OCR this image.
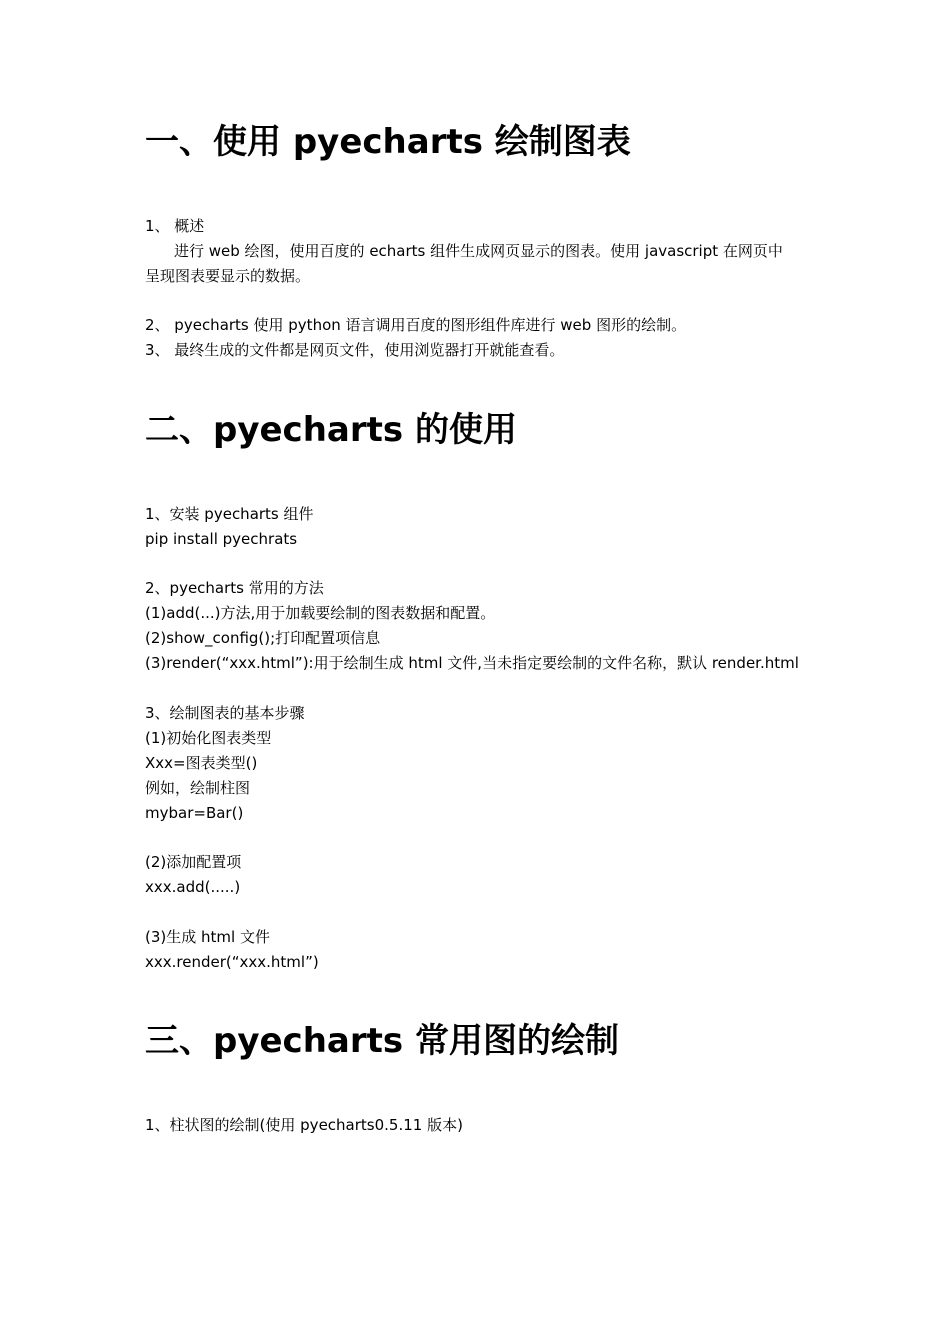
一、使用 pyecharts 绘制图表
1、 概述
进行 web 绘图，使用百度的 echarts 组件生成网页显示的图表。使用 javascript 在网页中
呈现图表要显示的数据。
2、 pyecharts 使用 python 语言调用百度的图形组件库进行 web 图形的绘制。
3、 最终生成的文件都是网页文件，使用浏览器打开就能查看。
二、pyecharts 的使用
1、安装 pyecharts 组件
pip install pyechrats
2、pyecharts 常用的方法
(1)add(...)方法,用于加载要绘制的图表数据和配置。
(2)show_config();打印配置项信息
(3)render(“xxx.html”):用于绘制生成 html 文件,当未指定要绘制的文件名称，默认 render.html
3、绘制图表的基本步骤
(1)初始化图表类型
Xxx=图表类型()
例如，绘制柱图
mybar=Bar()
(2)添加配置项
xxx.add(.....)
(3)生成 html 文件
xxx.render(“xxx.html”)
三、pyecharts 常用图的绘制
1、柱状图的绘制(使用 pyecharts0.5.11 版本)
